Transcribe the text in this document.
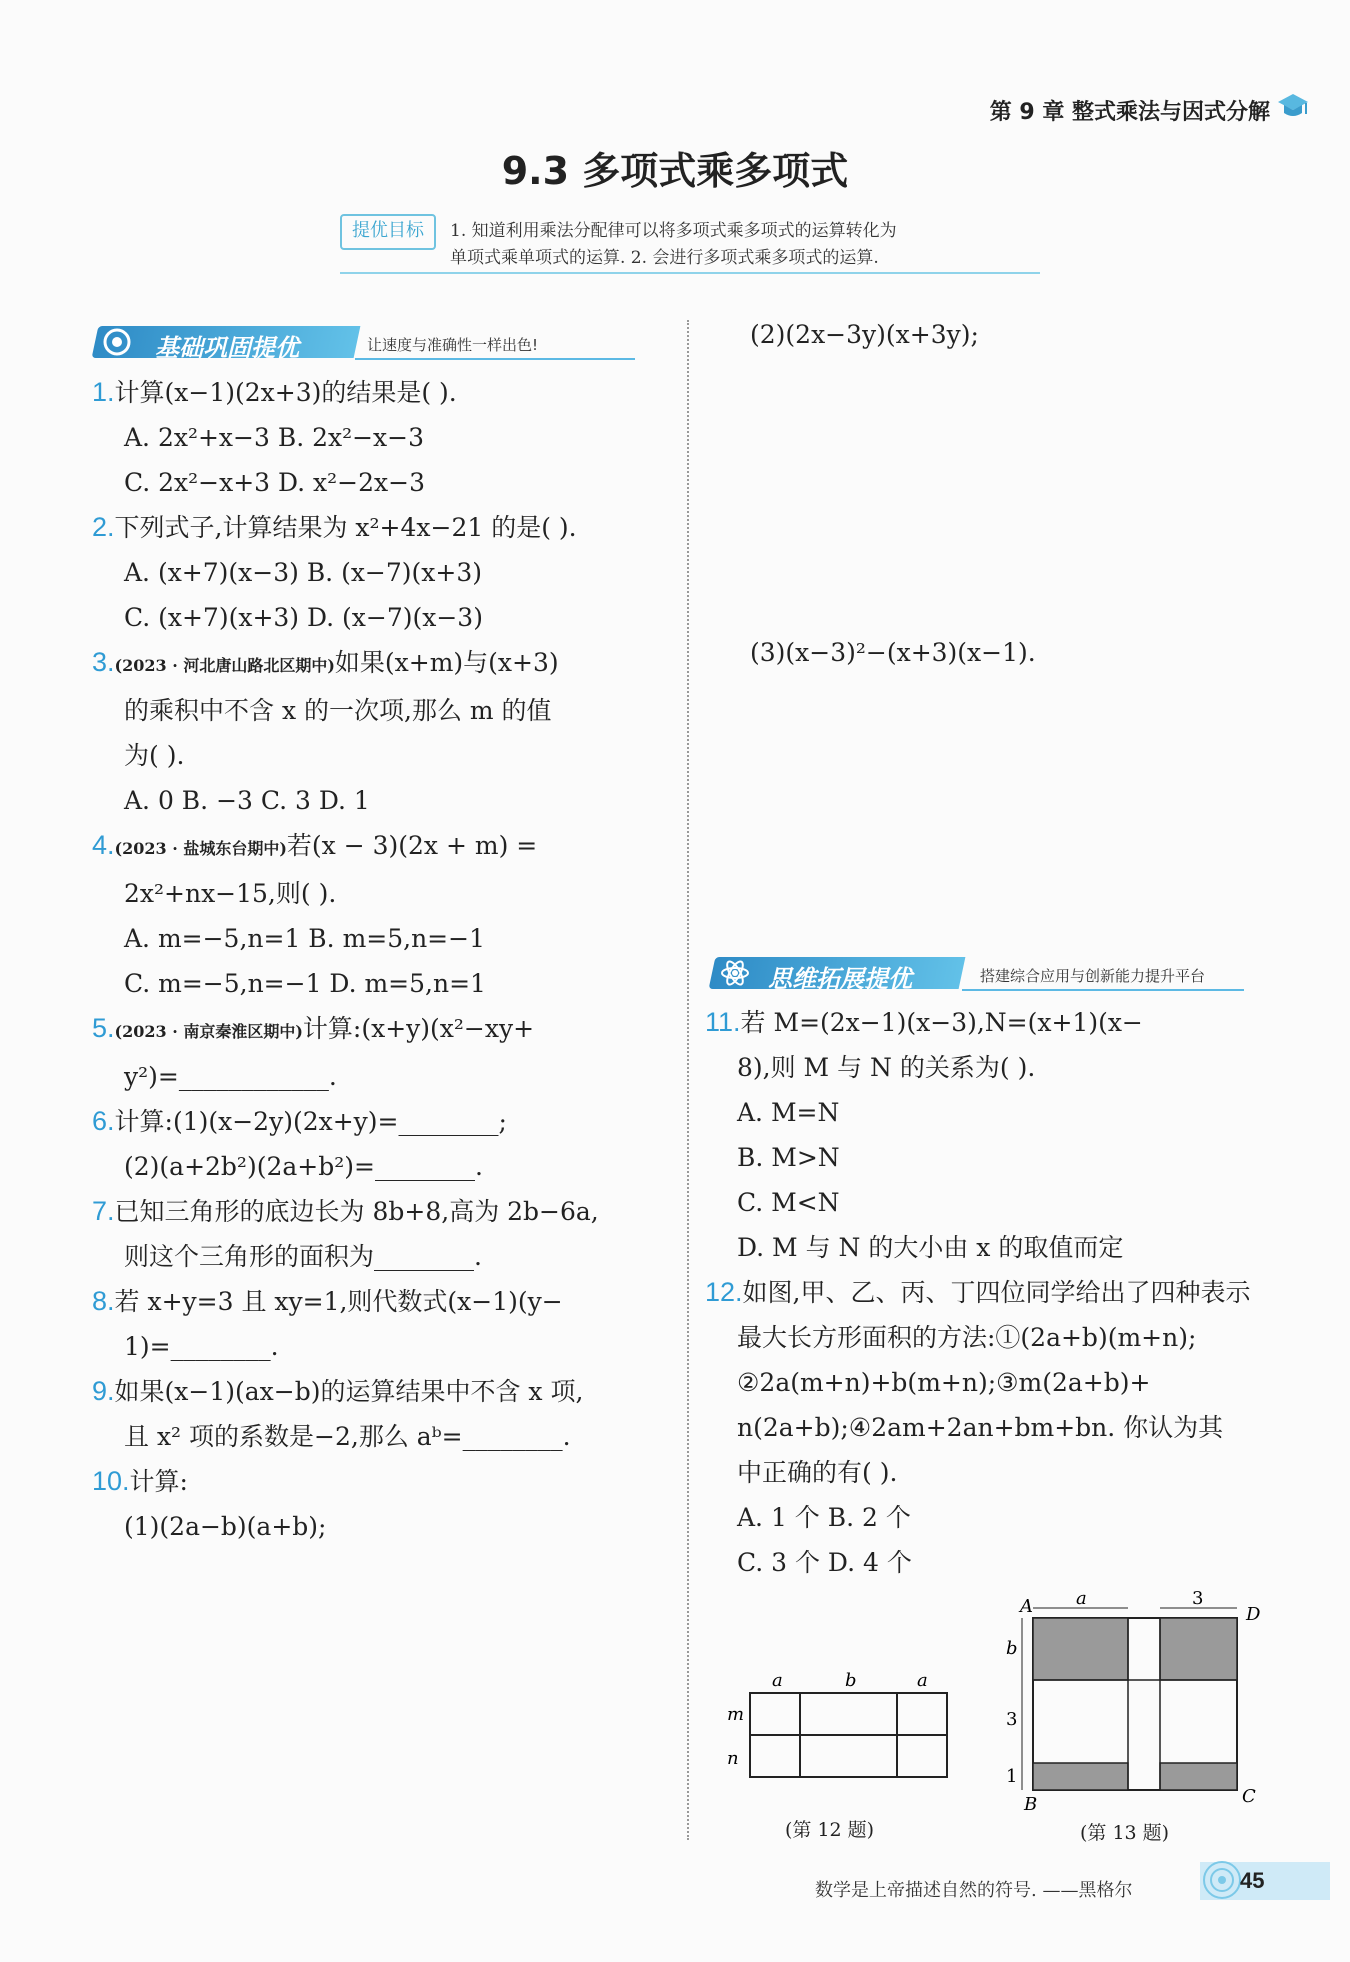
第 9 章 整式乘法与因式分解
9.3 多项式乘多项式
提优目标	1. 知道利用乘法分配律可以将多项式乘多项式的运算转化为
单项式乘单项式的运算. 2. 会进行多项式乘多项式的运算.
基础巩固提优	让速度与准确性一样出色!
思维拓展提优	搭建综合应用与创新能力提升平台
1.计算(x−1)(2x+3)的结果是( ).
A. 2x²+x−3 B. 2x²−x−3
C. 2x²−x+3 D. x²−2x−3
2.下列式子,计算结果为 x²+4x−21 的是( ).
A. (x+7)(x−3) B. (x−7)(x+3)
C. (x+7)(x+3) D. (x−7)(x−3)
3.(2023 · 河北唐山路北区期中)如果(x+m)与(x+3)
的乘积中不含 x 的一次项,那么 m 的值
为( ).
A. 0 B. −3 C. 3 D. 1
4.(2023 · 盐城东台期中)若(x − 3)(2x + m) =
2x²+nx−15,则( ).
A. m=−5,n=1 B. m=5,n=−1
C. m=−5,n=−1 D. m=5,n=1
5.(2023 · 南京秦淮区期中)计算:(x+y)(x²−xy+
y²)=____________.
6.计算:(1)(x−2y)(2x+y)=________;
(2)(a+2b²)(2a+b²)=________.
7.已知三角形的底边长为 8b+8,高为 2b−6a,
则这个三角形的面积为________.
8.若 x+y=3 且 xy=1,则代数式(x−1)(y−
1)=________.
9.如果(x−1)(ax−b)的运算结果中不含 x 项,
且 x² 项的系数是−2,那么 aᵇ=________.
10.计算:
(1)(2a−b)(a+b);
(2)(2x−3y)(x+3y);
(3)(x−3)²−(x+3)(x−1).
11.若 M=(2x−1)(x−3),N=(x+1)(x−
8),则 M 与 N 的关系为( ).
A. M=N
B. M>N
C. M<N
D. M 与 N 的大小由 x 的取值而定
12.如图,甲、乙、丙、丁四位同学给出了四种表示
最大长方形面积的方法:①(2a+b)(m+n);
②2a(m+n)+b(m+n);③m(2a+b)+
n(2a+b);④2am+2an+bm+bn. 你认为其
中正确的有( ).
A. 1 个 B. 2 个
C. 3 个 D. 4 个
a	b	a
m
n
(第 12 题)
a	3
b
3
1
A	D
B	C
(第 13 题)
数学是上帝描述自然的符号. ——黑格尔	45
